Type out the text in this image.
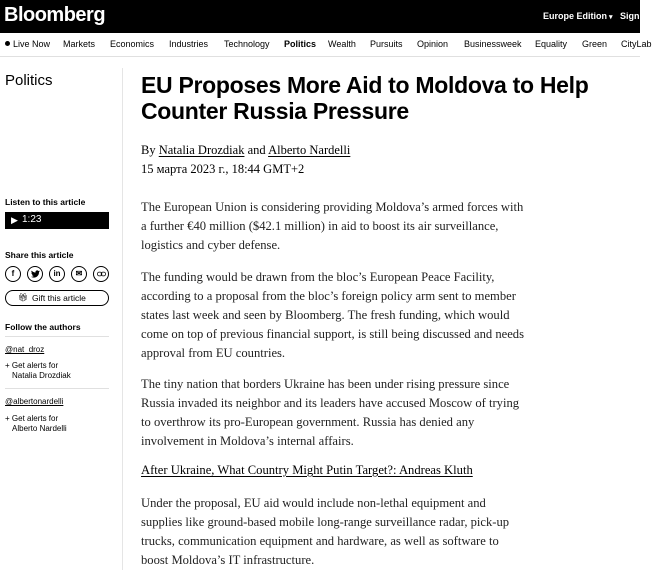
Bloomberg	Europe Edition ▾ Sign In
Live Now Markets Economics Industries Technology Politics Wealth Pursuits Opinion Businessweek Equality Green CityLab
Politics	EU Proposes More Aid to Moldova to Help Counter Russia Pressure
By Natalia Drozdiak and Alberto Nardelli
15 марта 2023 г., 18:44 GMT+2
Listen to this article
▶ 1:23
Share this article
f	in	✉
🎁︎ Gift this article
Follow the authors
@nat_droz
+ Get alerts for
Natalia Drozdiak
@albertonardelli
+ Get alerts for
Alberto Nardelli

The European Union is considering providing Moldova’s armed forces with a further €40 million ($42.1 million) in aid to boost its air surveillance, logistics and cyber defense.

The funding would be drawn from the bloc’s European Peace Facility, according to a proposal from the bloc’s foreign policy arm sent to member states last week and seen by Bloomberg. The fresh funding, which would come on top of previous financial support, is still being discussed and needs approval from EU countries.

The tiny nation that borders Ukraine has been under rising pressure since Russia invaded its neighbor and its leaders have accused Moscow of trying to overthrow its pro-European government. Russia has denied any involvement in Moldova’s internal affairs.

After Ukraine, What Country Might Putin Target?: Andreas Kluth

Under the proposal, EU aid would include non-lethal equipment and supplies like ground-based mobile long-range surveillance radar, pick-up trucks, communication equipment and hardware, as well as software to boost Moldova’s IT infrastructure.
